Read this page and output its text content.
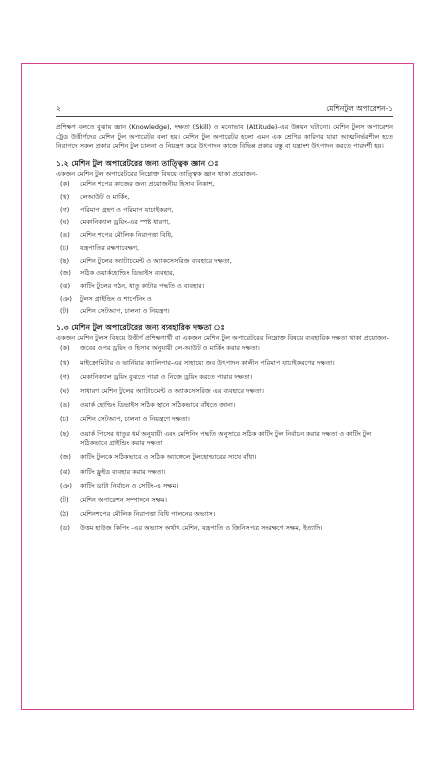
২	মেশিনটুল অপারেশন-১

প্রশিক্ষণ বলতে বুঝায় জ্ঞান (Knowledge), দক্ষতা (Skill) ও মনোভাব (Attitude)-এর উন্নয়ন ঘটানো। মেশিন টুলস অপারেশন ট্রেড উত্তীর্ণদের মেশিন টুল অপারেটর বলা হয়। মেশিন টুল অপারেটর হলো এমন এক শ্রেণির কারিগর যারা আত্মনির্ভরশীল হতে নিরাপদে সকল প্রকার মেশিন টুল চালনা ও নিয়ন্ত্রণ করে উৎপাদন কাজে বিভিন্ন প্রকার বস্তু বা যন্ত্রাংশ উৎপাদন করতে পারদর্শী হয়।

১.২ মেশিন টুল অপারেটরের জন্য তাত্ত্বিক জ্ঞান ঃ

একজন মেশিন টুল অপারেটরের নিম্নোক্ত বিষয়ে তাত্ত্বিক জ্ঞান থাকা প্রয়োজন-

(ক) মেশিন শপের কাজের জন্য প্রয়োজনীয় হিসাব নিকাশ,
(খ) লেআউট ও মার্কিং,
(গ) পরিমাপ গ্রহণ ও পরিমাপ যাচাইকরণ,
(ঘ) মেকানিক্যাল ড্রয়িং-এর স্পষ্ট ধারণা,
(ঙ) মেশিন শপের মৌলিক নিরাপত্তা বিধি,
(চ) যন্ত্রপাতির রক্ষণাবেক্ষণ,
(ছ) মেশিন টুলের অ্যাটাচমেন্ট ও অ্যাকসেসরিজ ব্যবহারে দক্ষতা,
(জ) সঠিক ওয়ার্কহোল্ডিং ডিভাইস ব্যবহার,
(ঝ) কাটিং টুলের গঠন, ধাতু কাটার পদ্ধতি ও ব্যবহার।
(ঞ) টুলস গ্রাইন্ডিং ও শার্পেনিং ও
(ট) মেশিন সেটআপ, চালনা ও নিয়ন্ত্রণ।
১.৩ মেশিন টুল অপারেটরের জন্য ব্যবহারিক দক্ষতা ঃ

একজন মেশিন টুলস বিষয়ে উত্তীর্ণ প্রশিক্ষণার্থী বা একজন মেশিন টুল অপারেটরের নিম্নোক্ত বিষয়ে ব্যবহারিক দক্ষতা থাকা প্রয়োজন-

(ক) জবের ওপর ড্রয়িং ও হিসাব অনুযায়ী লে-আউট ও মার্কিং করার দক্ষতা।
(খ) মাইক্রোমিটার ও ভার্নিয়ার ক্যালিপার-এর সাহায্যে জব উৎপাদন কালীন পরিমাপ যাচাইকরণের দক্ষতা।
(গ) মেকানিক্যাল ড্রয়িং বুঝতে পারা ও নিজে ড্রয়িং করতে পারার দক্ষতা।
(ঘ) সাধারণ মেশিন টুলের অ্যাটাচমেন্ট ও অ্যাকসেসরিজ এর ব্যবহারে দক্ষতা।
(ঙ) ওয়ার্ক হোল্ডিং ডিভাইস সঠিক স্থানে সঠিকভাবে বাঁধতে জানা।
(চ) মেশিন সেটআপ, চালনা ও নিয়ন্ত্রণে দক্ষতা।
(ছ) ওয়ার্ক পিসের ধাতুর ধর্ম অনুযায়ী এবং মেশিনিং পদ্ধতি অনুসারে সঠিক কাটিং টুল নির্বাচন করার দক্ষতা ও কাটিং টুল সঠিকভাবে গ্রাইন্ডিং করার দক্ষতা
(জ) কাটিং টুলকে সঠিকভাবে ও সঠিক অ্যাঙ্গেলে টুলহোল্ডারের সাথে বাঁধা।
(ঝ) কাটিং ফ্লুইড ব্যবহার করার দক্ষতা।
(ঞ) কাটিং ডাটা নির্বাচন ও সেটিং-এ সক্ষম।
(ট) মেশিন অপারেশন সম্পাদনে সক্ষম।
(ঠ) মেশিনশপের মৌলিক নিরাপত্তা বিধি পালনের অভ্যাস।
(ড) উত্তম হাউজ কিপিং -এর অভ্যাস অর্থাৎ মেশিন, যন্ত্রপাতি ও জিনিসপত্র সংরক্ষণে সক্ষম, ইত্যাদি।
